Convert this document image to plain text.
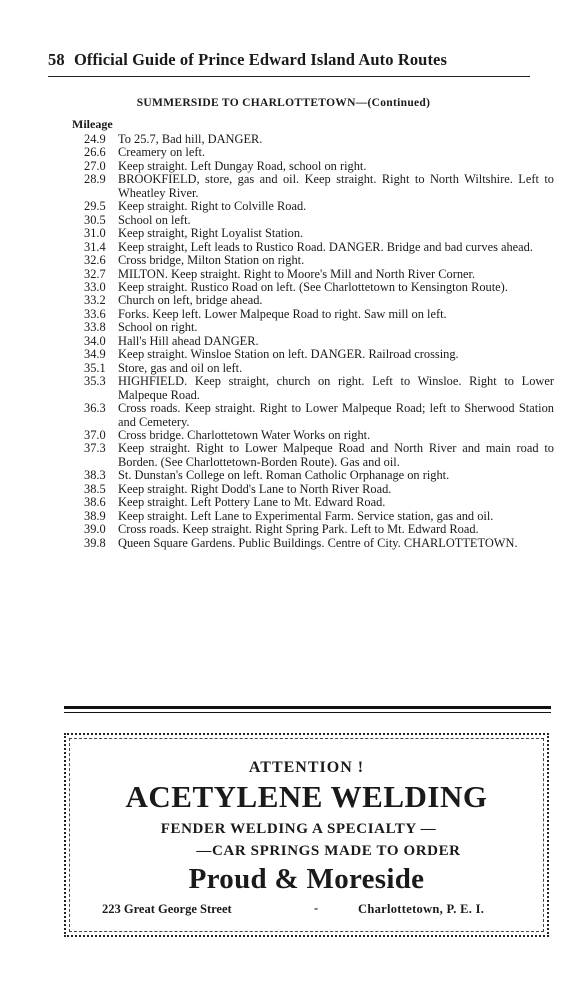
58 Official Guide of Prince Edward Island Auto Routes
SUMMERSIDE TO CHARLOTTETOWN—(Continued)
Mileage
24.9 To 25.7, Bad hill, DANGER.
26.6 Creamery on left.
27.0 Keep straight. Left Dungay Road, school on right.
28.9 BROOKFIELD, store, gas and oil. Keep straight. Right to North Wiltshire. Left to Wheatley River.
29.5 Keep straight. Right to Colville Road.
30.5 School on left.
31.0 Keep straight, Right Loyalist Station.
31.4 Keep straight, Left leads to Rustico Road. DANGER. Bridge and bad curves ahead.
32.6 Cross bridge, Milton Station on right.
32.7 MILTON. Keep straight. Right to Moore's Mill and North River Corner.
33.0 Keep straight. Rustico Road on left. (See Charlottetown to Kensington Route).
33.2 Church on left, bridge ahead.
33.6 Forks. Keep left. Lower Malpeque Road to right. Saw mill on left.
33.8 School on right.
34.0 Hall's Hill ahead DANGER.
34.9 Keep straight. Winsloe Station on left. DANGER. Railroad crossing.
35.1 Store, gas and oil on left.
35.3 HIGHFIELD. Keep straight, church on right. Left to Winsloe. Right to Lower Malpeque Road.
36.3 Cross roads. Keep straight. Right to Lower Malpeque Road; left to Sherwood Station and Cemetery.
37.0 Cross bridge. Charlottetown Water Works on right.
37.3 Keep straight. Right to Lower Malpeque Road and North River and main road to Borden. (See Charlottetown-Borden Route). Gas and oil.
38.3 St. Dunstan's College on left. Roman Catholic Orphanage on right.
38.5 Keep straight. Right Dodd's Lane to North River Road.
38.6 Keep straight. Left Pottery Lane to Mt. Edward Road.
38.9 Keep straight. Left Lane to Experimental Farm. Service station, gas and oil.
39.0 Cross roads. Keep straight. Right Spring Park. Left to Mt. Edward Road.
39.8 Queen Square Gardens. Public Buildings. Centre of City. CHARLOTTETOWN.
ATTENTION !
ACETYLENE WELDING
FENDER WELDING A SPECIALTY —
—CAR SPRINGS MADE TO ORDER
Proud & Moreside
223 Great George Street	-	Charlottetown, P. E. I.
